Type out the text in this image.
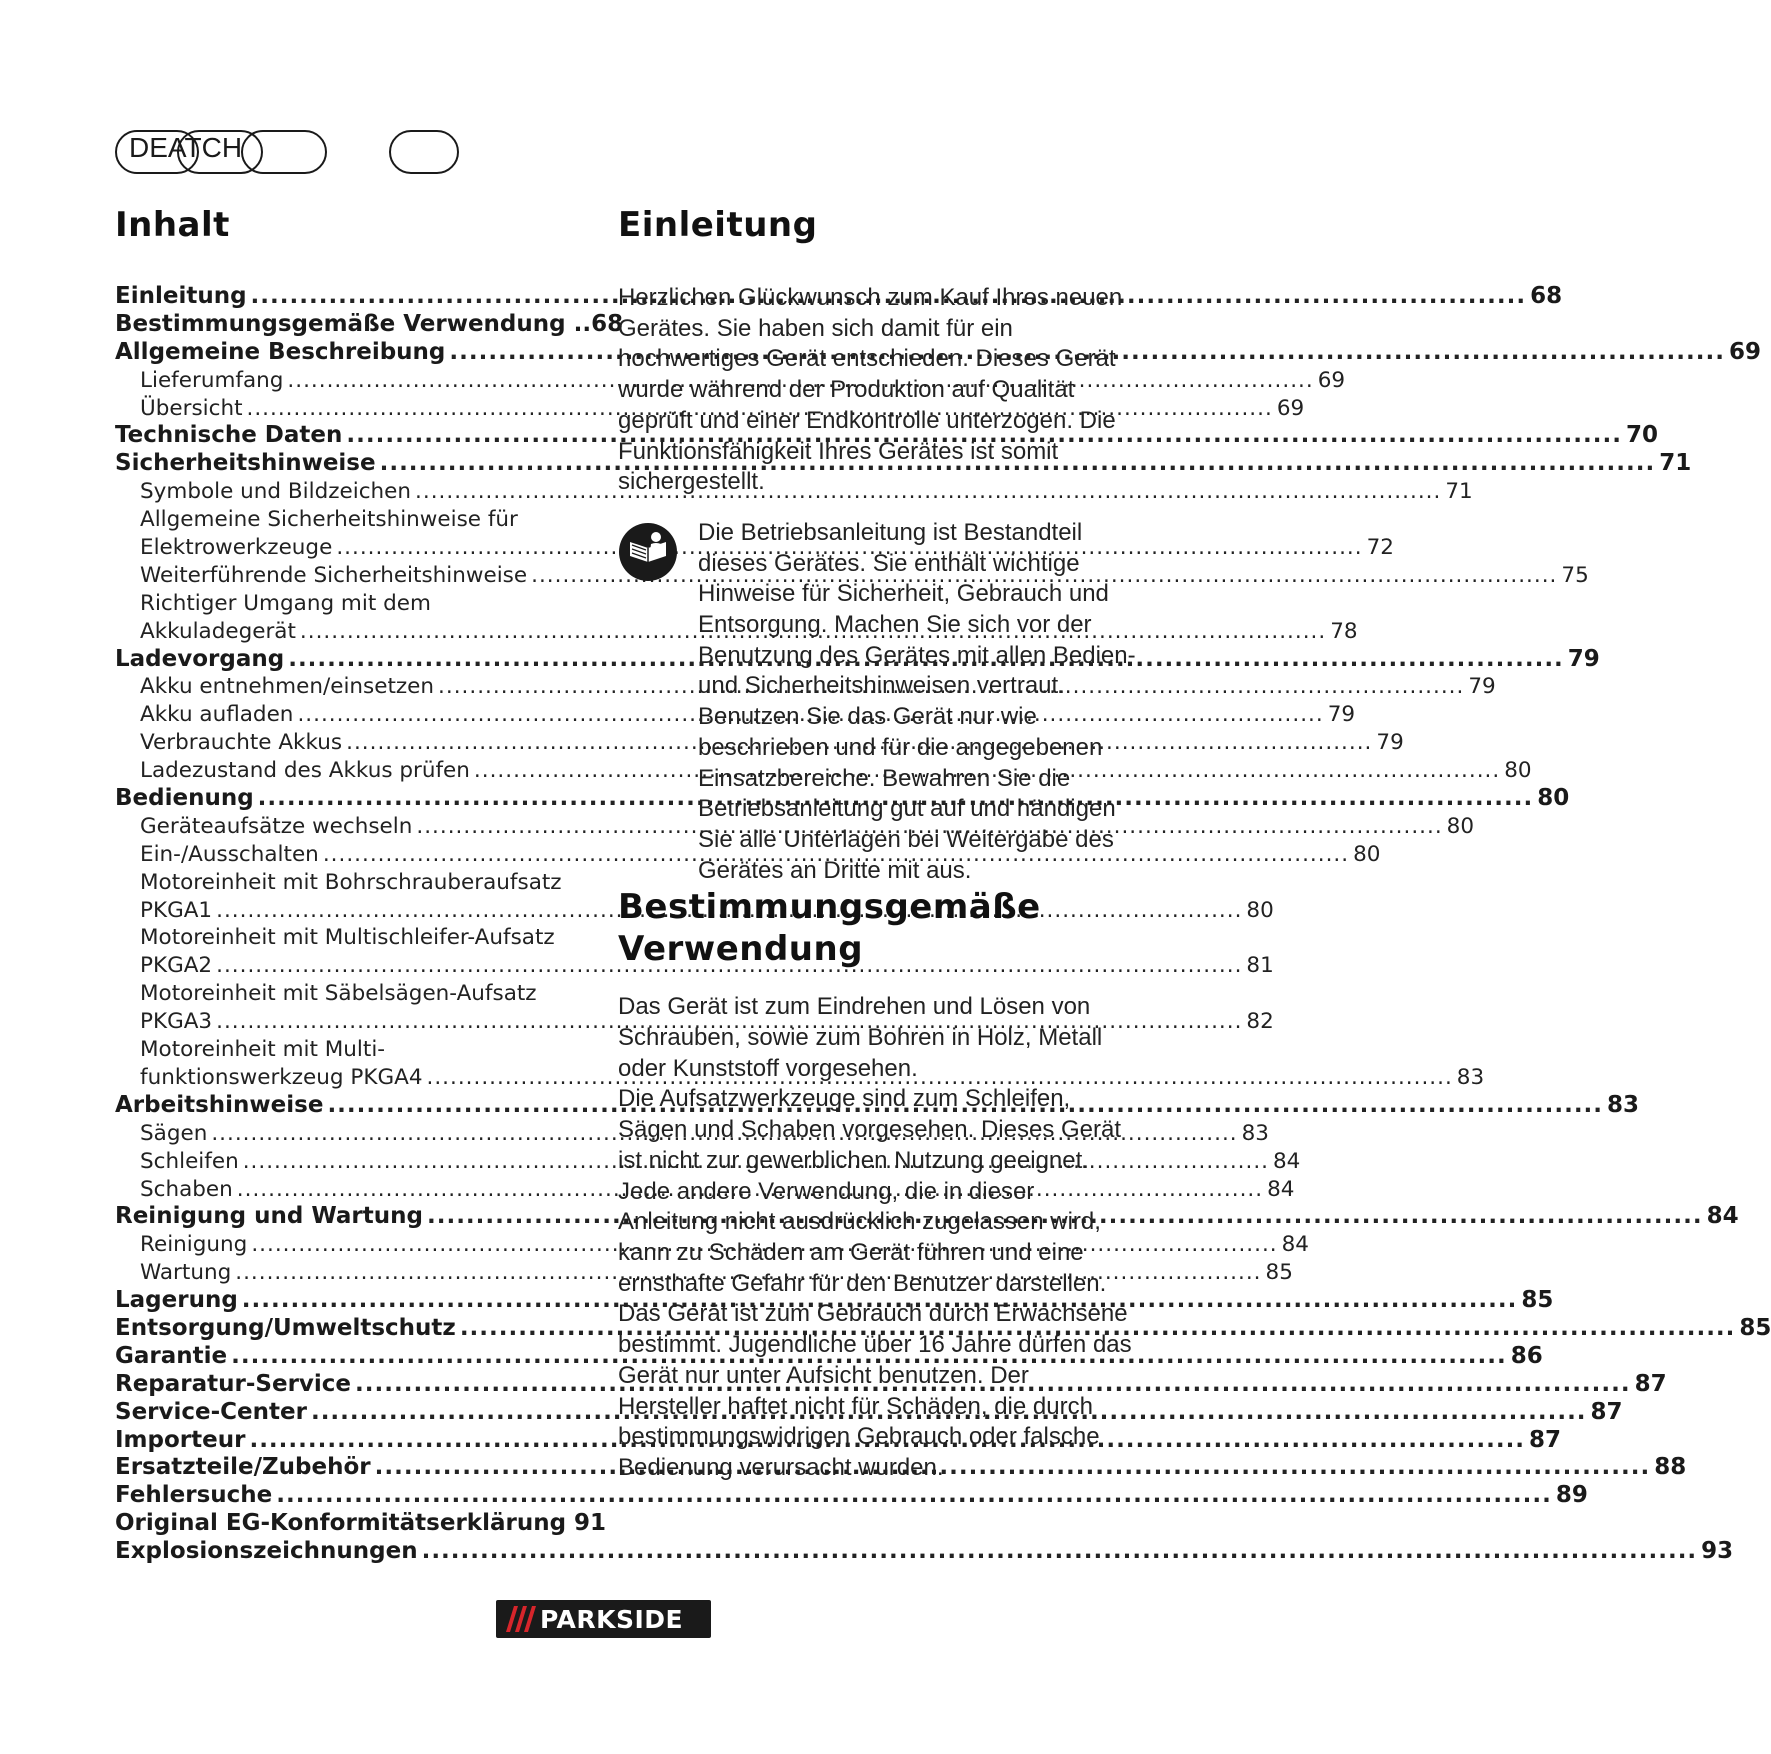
DEATCH
Inhalt
Einleitung .....	68
Bestimmungsgemäße Verwendung ..68
Allgemeine Beschreibung .....	69
Lieferumfang .....	69
Übersicht .....	69
Technische Daten .....	70
Sicherheitshinweise .....	71
Symbole und Bildzeichen .....	71
Allgemeine Sicherheitshinweise für
Elektrowerkzeuge .....	72
Weiterführende Sicherheitshinweise .....	75
Richtiger Umgang mit dem
Akkuladegerät .....	78
Ladevorgang .....	79
Akku entnehmen/einsetzen .....	79
Akku aufladen .....	79
Verbrauchte Akkus .....	79
Ladezustand des Akkus prüfen .....	80
Bedienung .....	80
Geräteaufsätze wechseln .....	80
Ein-/Ausschalten .....	80
Motoreinheit mit Bohrschrauberaufsatz
PKGA1 .....	80
Motoreinheit mit Multischleifer-Aufsatz
PKGA2 .....	81
Motoreinheit mit Säbelsägen-Aufsatz
PKGA3 .....	82
Motoreinheit mit Multi-
funktionswerkzeug PKGA4 .....	83
Arbeitshinweise .....	83
Sägen .....	83
Schleifen .....	84
Schaben .....	84
Reinigung und Wartung .....	84
Reinigung .....	84
Wartung .....	85
Lagerung .....	85
Entsorgung/Umweltschutz .....	85
Garantie .....	86
Reparatur-Service .....	87
Service-Center .....	87
Importeur .....	87
Ersatzteile/Zubehör .....	88
Fehlersuche .....	89
Original EG-Konformitätserklärung 91
Explosionszeichnungen .....	93
Einleitung

Herzlichen Glückwunsch zum Kauf Ihres neuen Gerätes. Sie haben sich damit für ein hochwertiges Gerät entschieden. Dieses Gerät wurde während der Produktion auf Qualität geprüft und einer Endkontrolle unterzogen. Die Funktionsfähigkeit Ihres Gerätes ist somit sichergestellt.

Die Betriebsanleitung ist Bestandteil dieses Gerätes. Sie enthält wichtige Hinweise für Sicherheit, Gebrauch und Entsorgung. Machen Sie sich vor der Benutzung des Gerätes mit allen Bedien- und Sicherheitshinweisen vertraut. Benutzen Sie das Gerät nur wie beschrieben und für die angegebenen Einsatzbereiche. Bewahren Sie die Betriebsanleitung gut auf und händigen Sie alle Unterlagen bei Weitergabe des Gerätes an Dritte mit aus.

Bestimmungsgemäße
Verwendung

Das Gerät ist zum Eindrehen und Lösen von Schrauben, sowie zum Bohren in Holz, Metall oder Kunststoff vorgesehen.

Die Aufsatzwerkzeuge sind zum Schleifen, Sägen und Schaben vorgesehen. Dieses Gerät ist nicht zur gewerblichen Nutzung geeignet.

Jede andere Verwendung, die in dieser Anleitung nicht ausdrücklich zugelassen wird, kann zu Schäden am Gerät führen und eine ernsthafte Gefahr für den Benutzer darstellen.

Das Gerät ist zum Gebrauch durch Erwachsene bestimmt. Jugendliche über 16 Jahre dürfen das Gerät nur unter Aufsicht benutzen. Der Hersteller haftet nicht für Schäden, die durch bestimmungswidrigen Gebrauch oder falsche Bedienung verursacht wurden.

PARKSIDE
